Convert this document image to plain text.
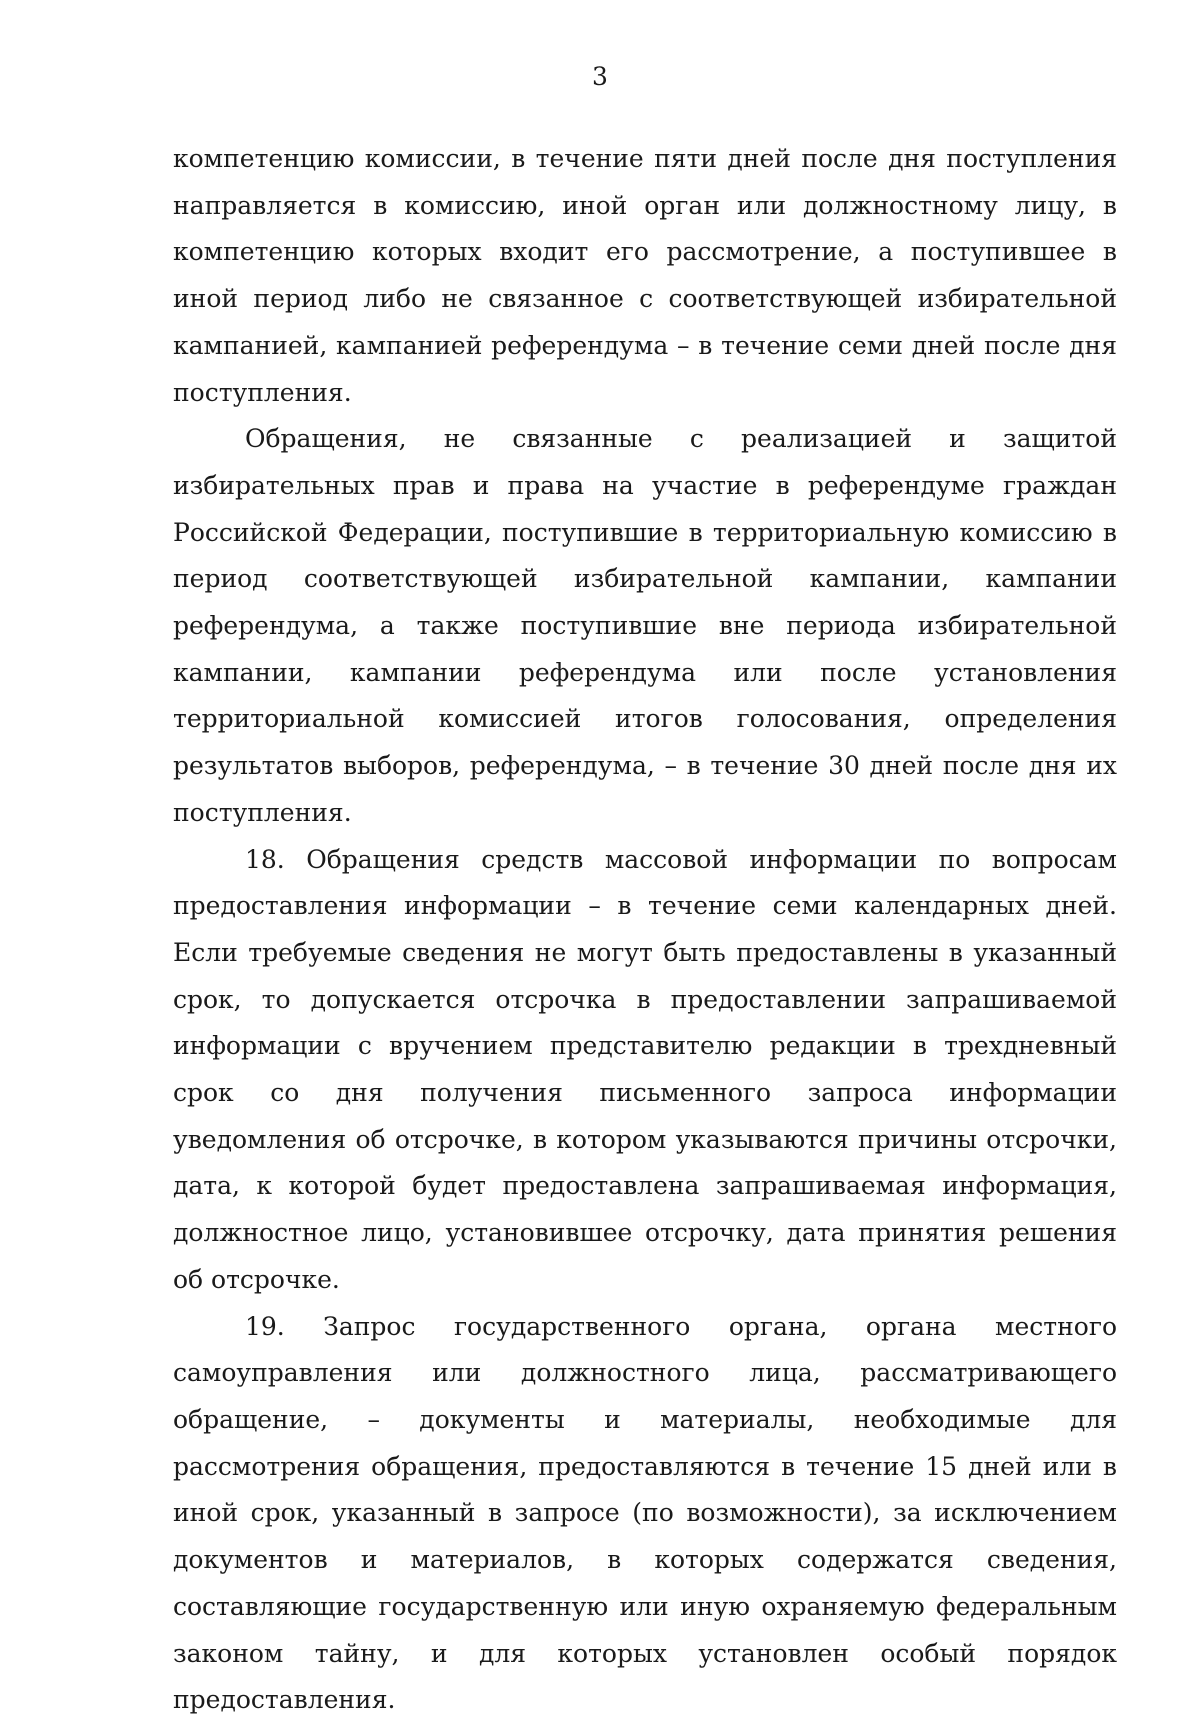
3

компетенцию комиссии, в течение пяти дней после дня поступления направляется в комиссию, иной орган или должностному лицу, в компетенцию которых входит его рассмотрение, а поступившее в иной период либо не связанное с соответствующей избирательной кампанией, кампанией референдума – в течение семи дней после дня поступления.

Обращения, не связанные с реализацией и защитой избирательных прав и права на участие в референдуме граждан Российской Федерации, поступившие в территориальную комиссию в период соответствующей избирательной кампании, кампании референдума, а также поступившие вне периода избирательной кампании, кампании референдума или после установления территориальной комиссией итогов голосования, определения результатов выборов, референдума, – в течение 30 дней после дня их поступления.

18. Обращения средств массовой информации по вопросам предоставления информации – в течение семи календарных дней. Если требуемые сведения не могут быть предоставлены в указанный срок, то допускается отсрочка в предоставлении запрашиваемой информации с вручением представителю редакции в трехдневный срок со дня получения письменного запроса информации уведомления об отсрочке, в котором указываются причины отсрочки, дата, к которой будет предоставлена запрашиваемая информация, должностное лицо, установившее отсрочку, дата принятия решения об отсрочке.

19. Запрос государственного органа, органа местного самоуправления или должностного лица, рассматривающего обращение, – документы и материалы, необходимые для рассмотрения обращения, предоставляются в течение 15 дней или в иной срок, указанный в запросе (по возможности), за исключением документов и материалов, в которых содержатся сведения, составляющие государственную или иную охраняемую федеральным законом тайну, и для которых установлен особый порядок предоставления.
